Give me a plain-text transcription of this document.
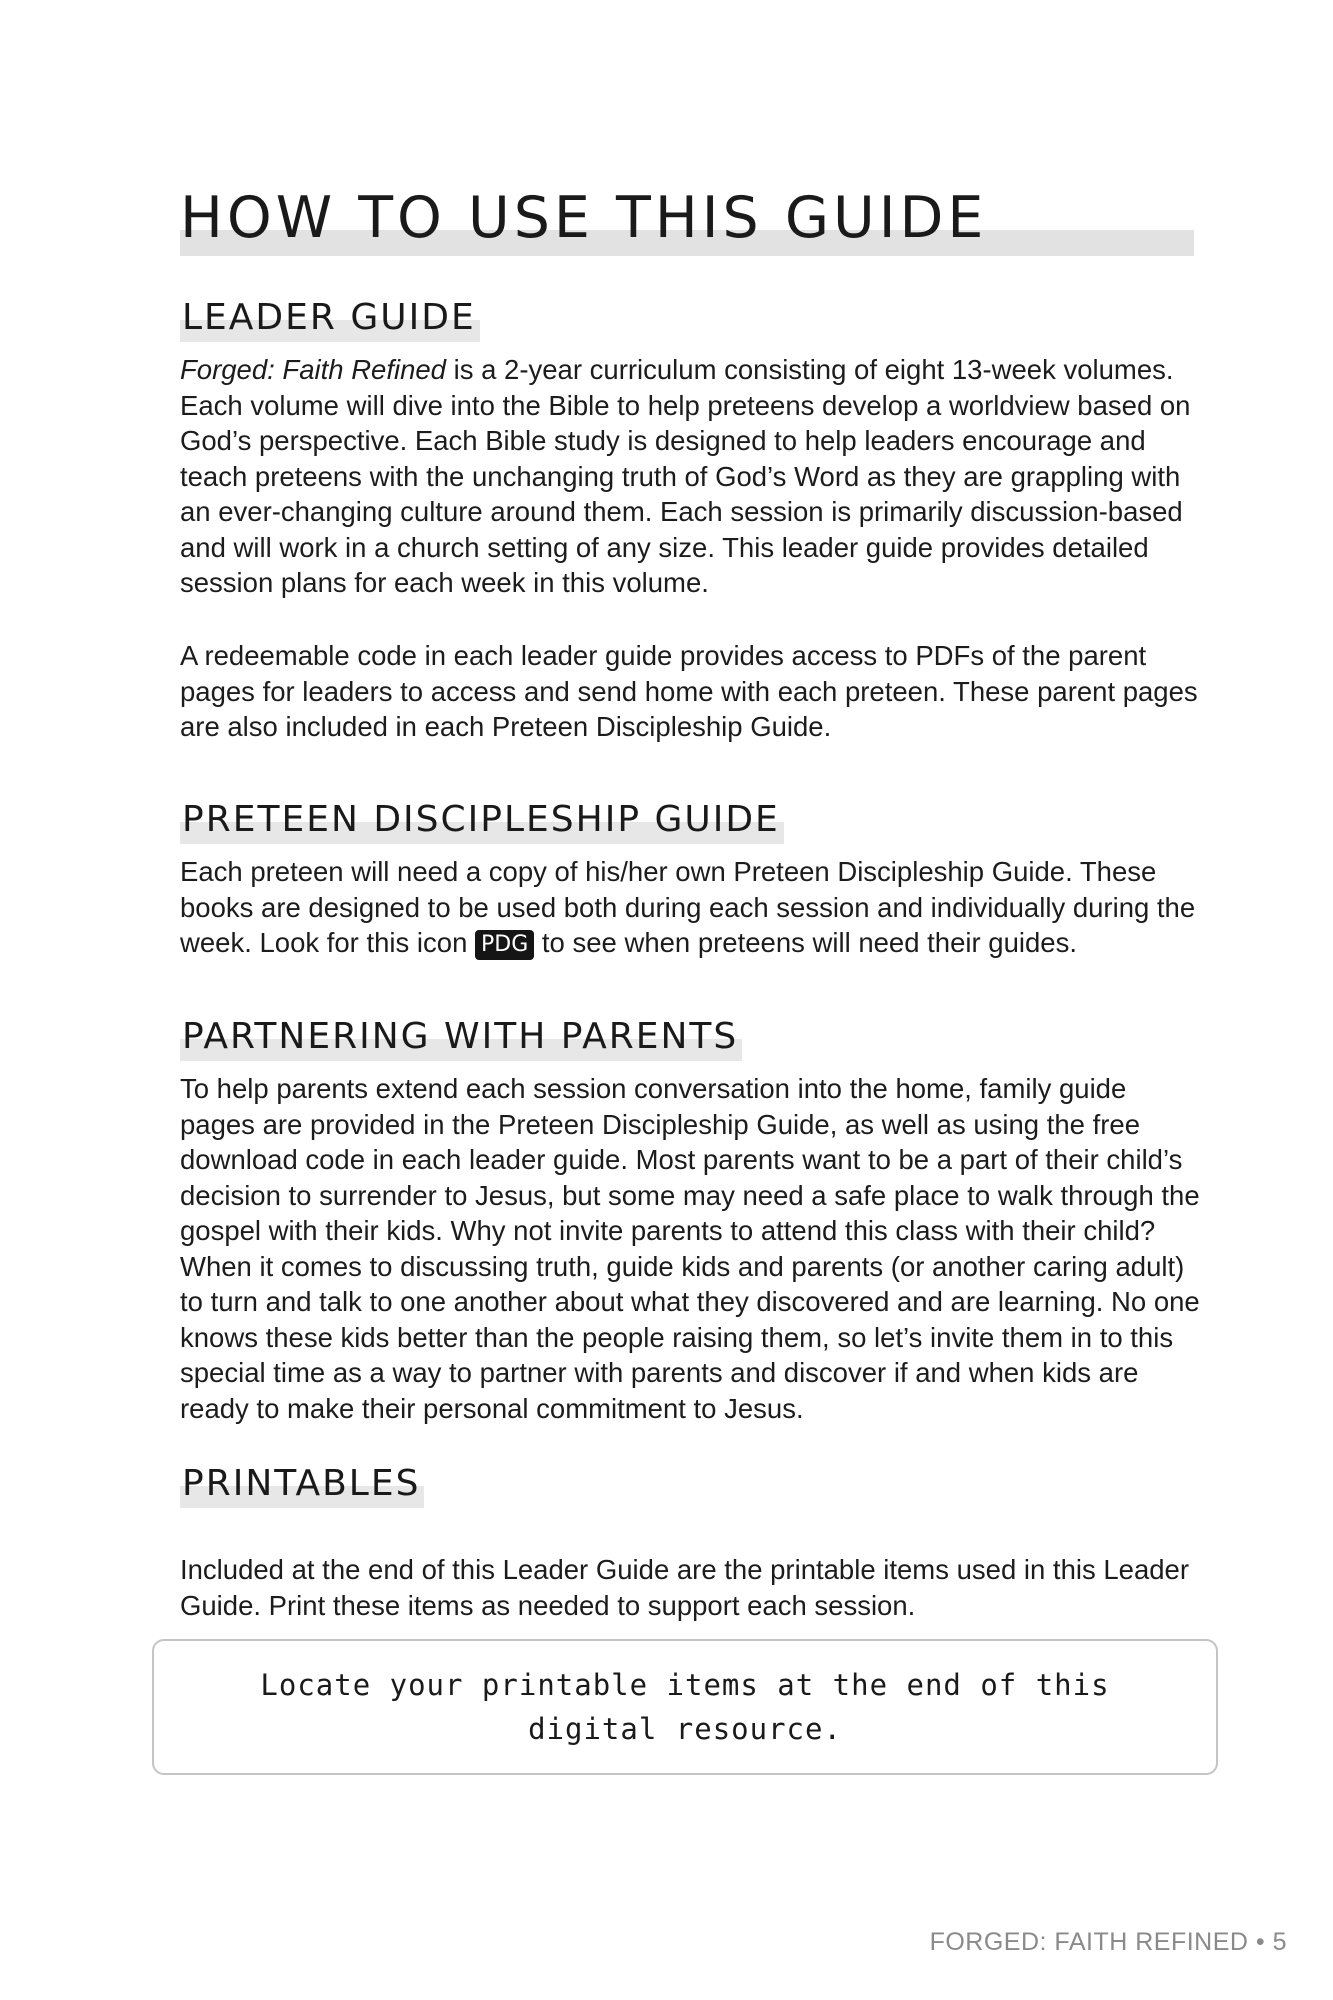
HOW TO USE THIS GUIDE
LEADER GUIDE

Forged: Faith Refined is a 2-year curriculum consisting of eight 13-week volumes. Each volume will dive into the Bible to help preteens develop a worldview based on God’s perspective. Each Bible study is designed to help leaders encourage and teach preteens with the unchanging truth of God’s Word as they are grappling with an ever-changing culture around them. Each session is primarily discussion-based and will work in a church setting of any size. This leader guide provides detailed session plans for each week in this volume.

A redeemable code in each leader guide provides access to PDFs of the parent pages for leaders to access and send home with each preteen. These parent pages are also included in each Preteen Discipleship Guide.

PRETEEN DISCIPLESHIP GUIDE

Each preteen will need a copy of his/her own Preteen Discipleship Guide. These books are designed to be used both during each session and individually during the week. Look for this icon PDG to see when preteens will need their guides.

PARTNERING WITH PARENTS

To help parents extend each session conversation into the home, family guide pages are provided in the Preteen Discipleship Guide, as well as using the free download code in each leader guide. Most parents want to be a part of their child’s decision to surrender to Jesus, but some may need a safe place to walk through the gospel with their kids. Why not invite parents to attend this class with their child? When it comes to discussing truth, guide kids and parents (or another caring adult) to turn and talk to one another about what they discovered and are learning. No one knows these kids better than the people raising them, so let’s invite them in to this special time as a way to partner with parents and discover if and when kids are ready to make their personal commitment to Jesus.

PRINTABLES

Included at the end of this Leader Guide are the printable items used in this Leader Guide. Print these items as needed to support each session.

Locate your printable items at the end of this digital resource.
FORGED: FAITH REFINED • 5
